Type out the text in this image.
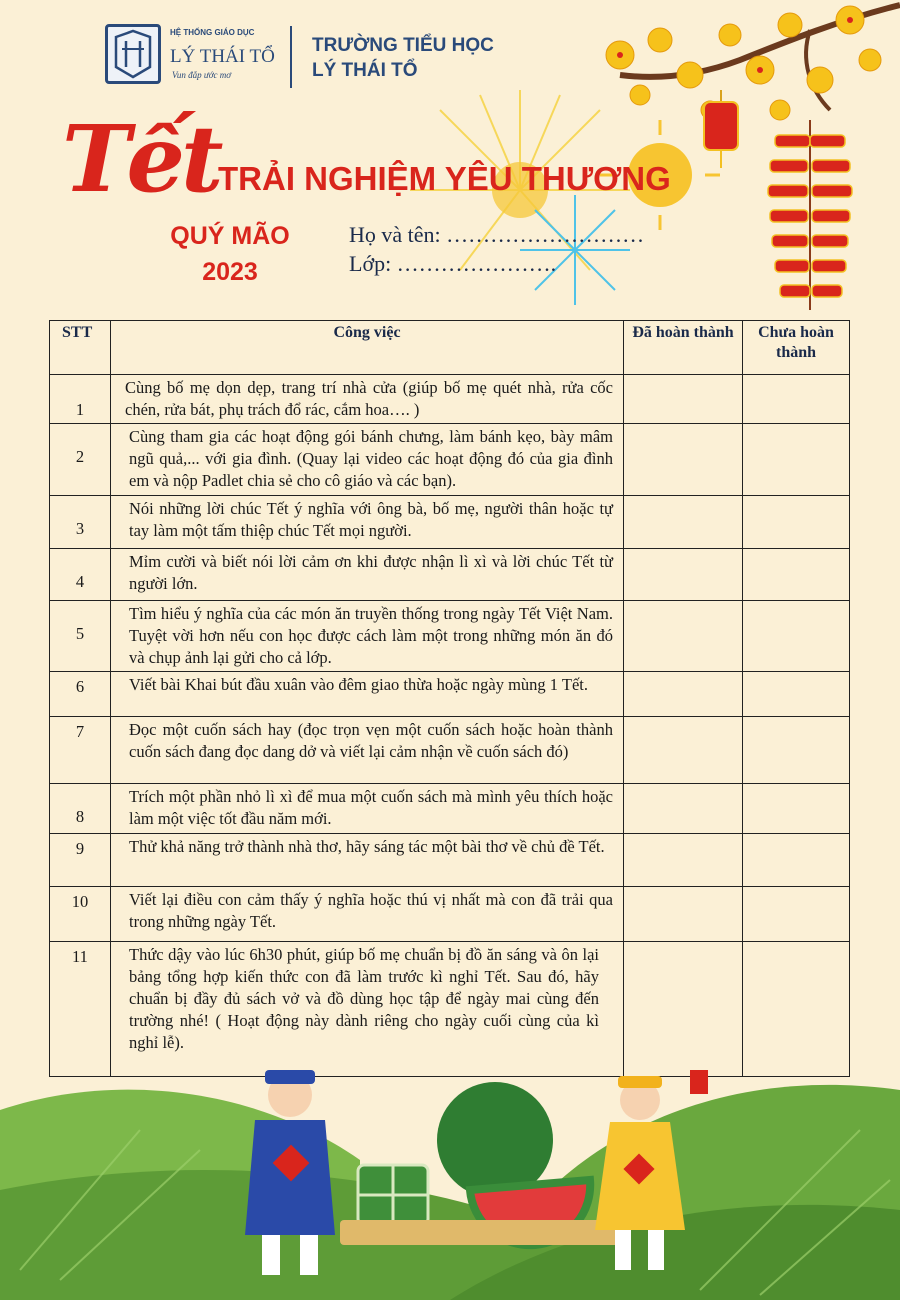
HỆ THỐNG GIÁO DỤC
LÝ THÁI TỔ
Vun đắp ước mơ
TRƯỜNG TIỂU HỌC
LÝ THÁI TỔ
Tết
TRẢI NGHIỆM YÊU THƯƠNG
QUÝ MÃO
2023
Họ và tên: ………………………
Lớp: ………………….
STT	Công việc	Đã hoàn thành	Chưa hoàn thành
1	Cùng bố mẹ dọn dẹp, trang trí nhà cửa (giúp bố mẹ quét nhà, rửa cốc chén, rửa bát, phụ trách đổ rác, cắm hoa…. )		
2	Cùng tham gia các hoạt động gói bánh chưng, làm bánh kẹo, bày mâm ngũ quả,... với gia đình. (Quay lại video các hoạt động đó của gia đình em và nộp Padlet chia sẻ cho cô giáo và các bạn).		
3	Nói những lời chúc Tết ý nghĩa với ông bà, bố mẹ, người thân hoặc tự tay làm một tấm thiệp chúc Tết mọi người.		
4	Mỉm cười và biết nói lời cảm ơn khi được nhận lì xì và lời chúc Tết từ người lớn.		
5	Tìm hiểu ý nghĩa của các món ăn truyền thống trong ngày Tết Việt Nam. Tuyệt vời hơn nếu con học được cách làm một trong những món ăn đó và chụp ảnh lại gửi cho cả lớp.		
6	Viết bài Khai bút đầu xuân vào đêm giao thừa hoặc ngày mùng 1 Tết.		
7	Đọc một cuốn sách hay (đọc trọn vẹn một cuốn sách hoặc hoàn thành cuốn sách đang đọc dang dở và viết lại cảm nhận về cuốn sách đó)		
8	Trích một phần nhỏ lì xì để mua một cuốn sách mà mình yêu thích hoặc làm một việc tốt đầu năm mới.		
9	Thử khả năng trở thành nhà thơ, hãy sáng tác một bài thơ về chủ đề Tết.		
10	Viết lại điều con cảm thấy ý nghĩa hoặc thú vị nhất mà con đã trải qua trong những ngày Tết.		
11	Thức dậy vào lúc 6h30 phút, giúp bố mẹ chuẩn bị đồ ăn sáng và ôn lại bảng tổng hợp kiến thức con đã làm trước kì nghỉ Tết. Sau đó, hãy chuẩn bị đầy đủ sách vở và đồ dùng học tập để ngày mai cùng đến trường nhé! ( Hoạt động này dành riêng cho ngày cuối cùng của kì nghỉ lễ).		
